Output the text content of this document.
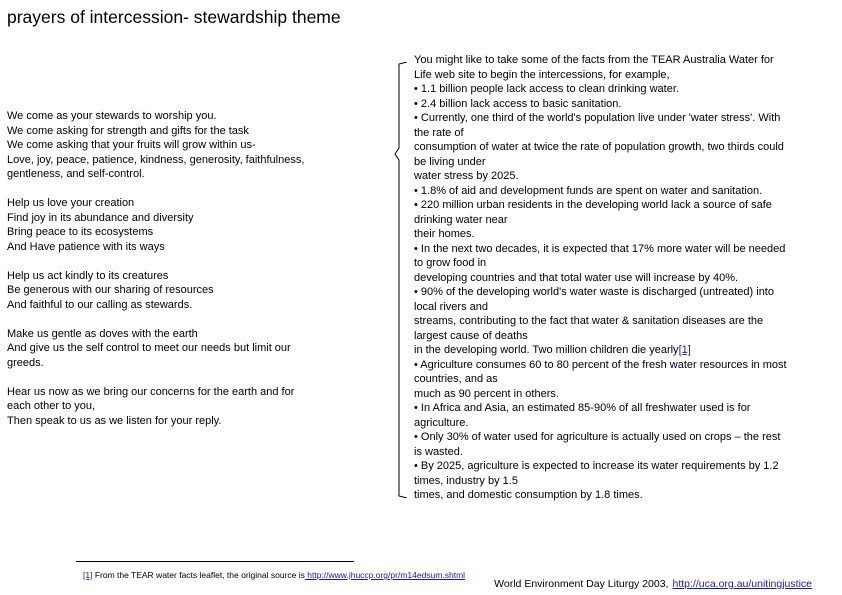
prayers of intercession- stewardship theme
We come as your stewards to worship you.
We come asking for strength and gifts for the task
We come asking that your fruits will grow within us-
Love, joy, peace, patience, kindness, generosity, faithfulness,
gentleness, and self-control.
Help us love your creation
Find joy in its abundance and diversity
Bring peace to its ecosystems
And Have patience with its ways
Help us act kindly to its creatures
Be generous with our sharing of resources
And faithful to our calling as stewards.
Make us gentle as doves with the earth
And give us the self control to meet our needs but limit our
greeds.
Hear us now as we bring our concerns for the earth and for
each other to you,
Then speak to us as we listen for your reply.
You might like to take some of the facts from the TEAR Australia Water for
Life web site to begin the intercessions, for example,
• 1.1 billion people lack access to clean drinking water.
• 2.4 billion lack access to basic sanitation.
• Currently, one third of the world's population live under 'water stress'. With
the rate of
consumption of water at twice the rate of population growth, two thirds could
be living under
water stress by 2025.
• 1.8% of aid and development funds are spent on water and sanitation.
• 220 million urban residents in the developing world lack a source of safe
drinking water near
their homes.
• In the next two decades, it is expected that 17% more water will be needed
to grow food in
developing countries and that total water use will increase by 40%.
• 90% of the developing world's water waste is discharged (untreated) into
local rivers and
streams, contributing to the fact that water & sanitation diseases are the
largest cause of deaths
in the developing world. Two million children die yearly[1]
• Agriculture consumes 60 to 80 percent of the fresh water resources in most
countries, and as
much as 90 percent in others.
• In Africa and Asia, an estimated 85-90% of all freshwater used is for
agriculture.
• Only 30% of water used for agriculture is actually used on crops – the rest
is wasted.
• By 2025, agriculture is expected to increase its water requirements by 1.2
times, industry by 1.5
times, and domestic consumption by 1.8 times.
[1] From the TEAR water facts leaflet, the original source is http://www.jhuccp.org/pr/m14edsum.shtml
World Environment Day Liturgy 2003, http://uca.org.au/unitingjustice
